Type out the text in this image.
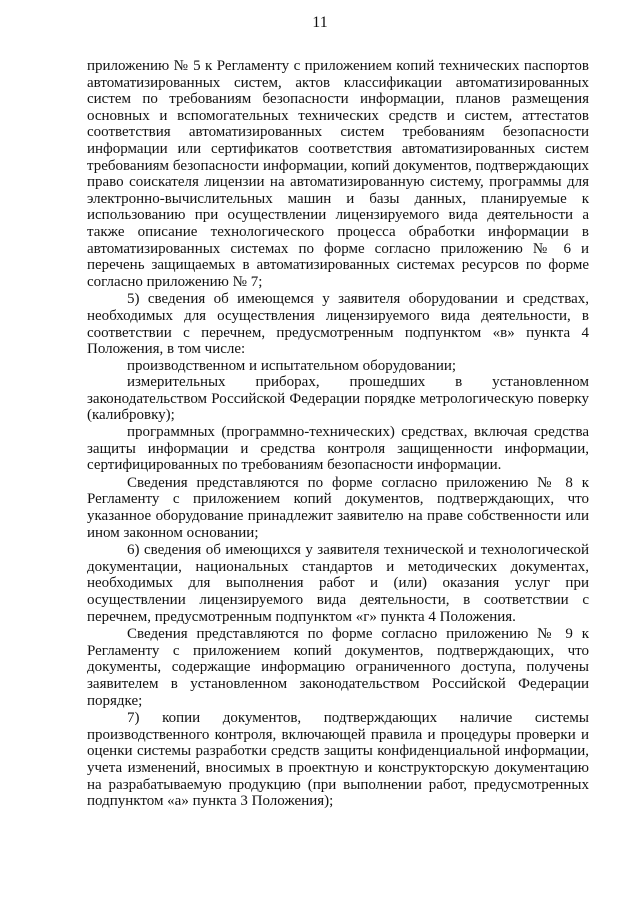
11

приложению № 5 к Регламенту с приложением копий технических паспортов автоматизированных систем, актов классификации автоматизированных систем по требованиям безопасности информации, планов размещения основных и вспомогательных технических средств и систем, аттестатов соответствия автоматизированных систем требованиям безопасности информации или сертификатов соответствия автоматизированных систем требованиям безопасности информации, копий документов, подтверждающих право соискателя лицензии на автоматизированную систему, программы для электронно-вычислительных машин и базы данных, планируемые к использованию при осуществлении лицензируемого вида деятельности а также описание технологического процесса обработки информации в автоматизированных системах по форме согласно приложению № 6 и перечень защищаемых в автоматизированных системах ресурсов по форме согласно приложению № 7;

5) сведения об имеющемся у заявителя оборудовании и средствах, необходимых для осуществления лицензируемого вида деятельности, в соответствии с перечнем, предусмотренным подпунктом «в» пункта 4 Положения, в том числе:

производственном и испытательном оборудовании;

измерительных приборах, прошедших в установленном законодательством Российской Федерации порядке метрологическую поверку (калибровку);

программных (программно-технических) средствах, включая средства защиты информации и средства контроля защищенности информации, сертифицированных по требованиям безопасности информации.

Сведения представляются по форме согласно приложению № 8 к Регламенту с приложением копий документов, подтверждающих, что указанное оборудование принадлежит заявителю на праве собственности или ином законном основании;

6) сведения об имеющихся у заявителя технической и технологической документации, национальных стандартов и методических документах, необходимых для выполнения работ и (или) оказания услуг при осуществлении лицензируемого вида деятельности, в соответствии с перечнем, предусмотренным подпунктом «г» пункта 4 Положения.

Сведения представляются по форме согласно приложению № 9 к Регламенту с приложением копий документов, подтверждающих, что документы, содержащие информацию ограниченного доступа, получены заявителем в установленном законодательством Российской Федерации порядке;

7) копии документов, подтверждающих наличие системы производственного контроля, включающей правила и процедуры проверки и оценки системы разработки средств защиты конфиденциальной информации, учета изменений, вносимых в проектную и конструкторскую документацию на разрабатываемую продукцию (при выполнении работ, предусмотренных подпунктом «а» пункта 3 Положения);
